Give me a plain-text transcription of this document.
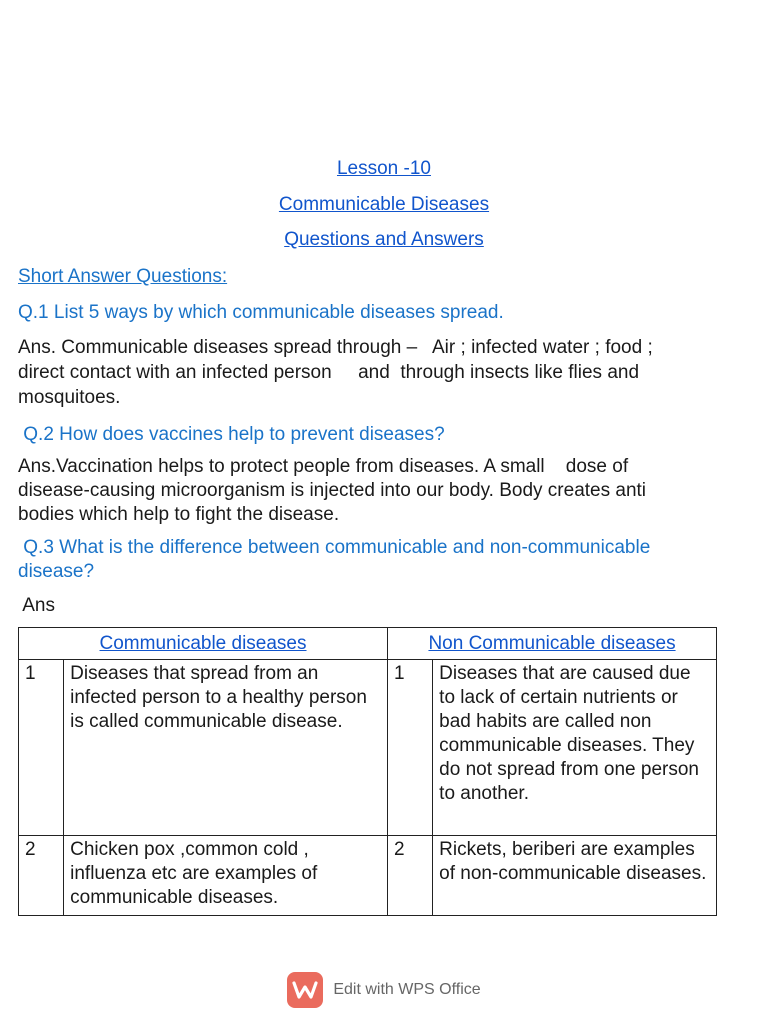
Lesson -10
Communicable Diseases
Questions and Answers
Short Answer Questions:
Q.1 List 5 ways by which communicable diseases spread.
Ans. Communicable diseases spread through –   Air ; infected water ; food ;
direct contact with an infected person     and  through insects like flies and
mosquitoes.
Q.2 How does vaccines help to prevent diseases?
Ans.Vaccination helps to protect people from diseases. A small    dose of
disease-causing microorganism is injected into our body. Body creates anti
bodies which help to fight the disease.
Q.3 What is the difference between communicable and non-communicable
disease?
Ans
Communicable diseases		Non Communicable diseases	
1	Diseases that spread from an infected person to a healthy person is called communicable disease.	1	Diseases that are caused due to lack of certain nutrients or bad habits are called non communicable diseases. They do not spread from one person to another.
2	Chicken pox ,common cold , influenza etc are examples of communicable diseases.	2	Rickets, beriberi are examples of non-communicable diseases.
Edit with WPS Office
